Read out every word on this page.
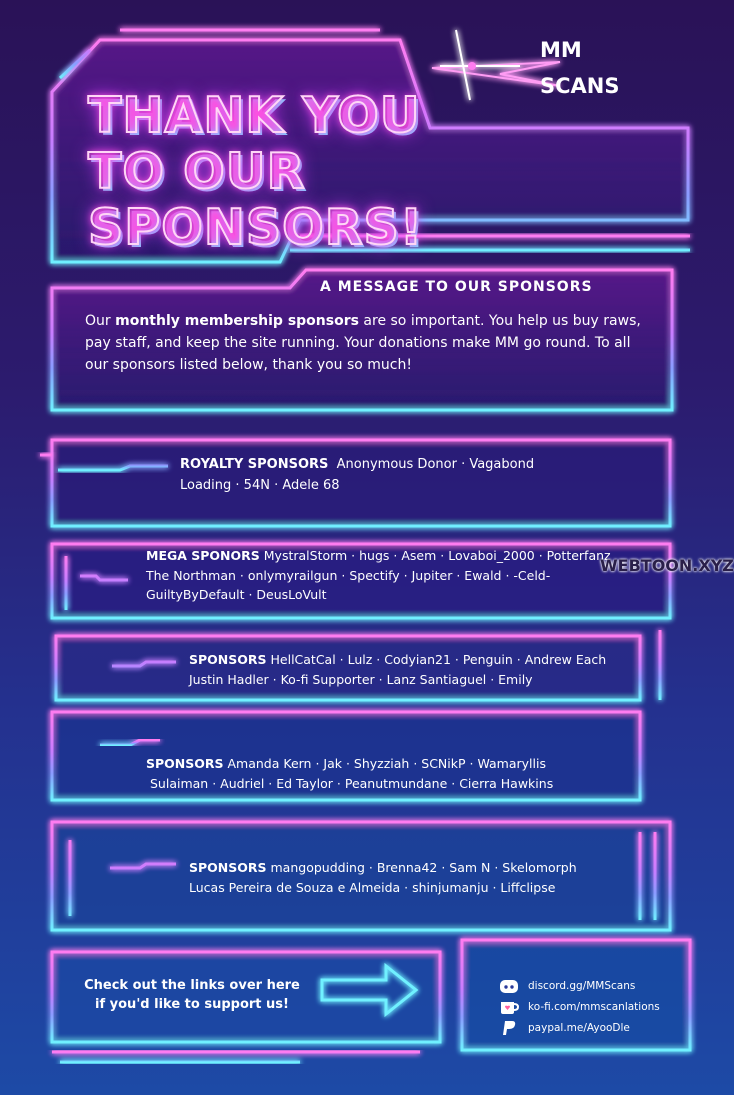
THANK YOU
TO OUR SPONSORS!
MM
SCANS
A MESSAGE TO OUR SPONSORS
Our monthly membership sponsors are so important. You help us buy raws, pay staff, and keep the site running. Your donations make MM go round. To all our sponsors listed below, thank you so much!
ROYALTY SPONSORS Anonymous Donor · Vagabond
Loading · 54N · Adele 68
MEGA SPONORS MystralStorm · hugs · Asem · Lovaboi_2000 · Potterfanz
The Northman · onlymyrailgun · Spectify · Jupiter · Ewald · -Celd-
GuiltyByDefault · DeusLoVult
SPONSORS HellCatCal · Lulz · Codyian21 · Penguin · Andrew Each
Justin Hadler · Ko-fi Supporter · Lanz Santiaguel · Emily
SPONSORS Amanda Kern · Jak · Shyzziah · SCNikP · Wamaryllis
Sulaiman · Audriel · Ed Taylor · Peanutmundane · Cierra Hawkins
SPONSORS mangopudding · Brenna42 · Sam N · Skelomorph
Lucas Pereira de Souza e Almeida · shinjumanju · Liffclipse
Check out the links over here
if you'd like to support us!
discord.gg/MMScans
ko-fi.com/mmscanlations
paypal.me/AyooDle
WEBTOON.XYZ
